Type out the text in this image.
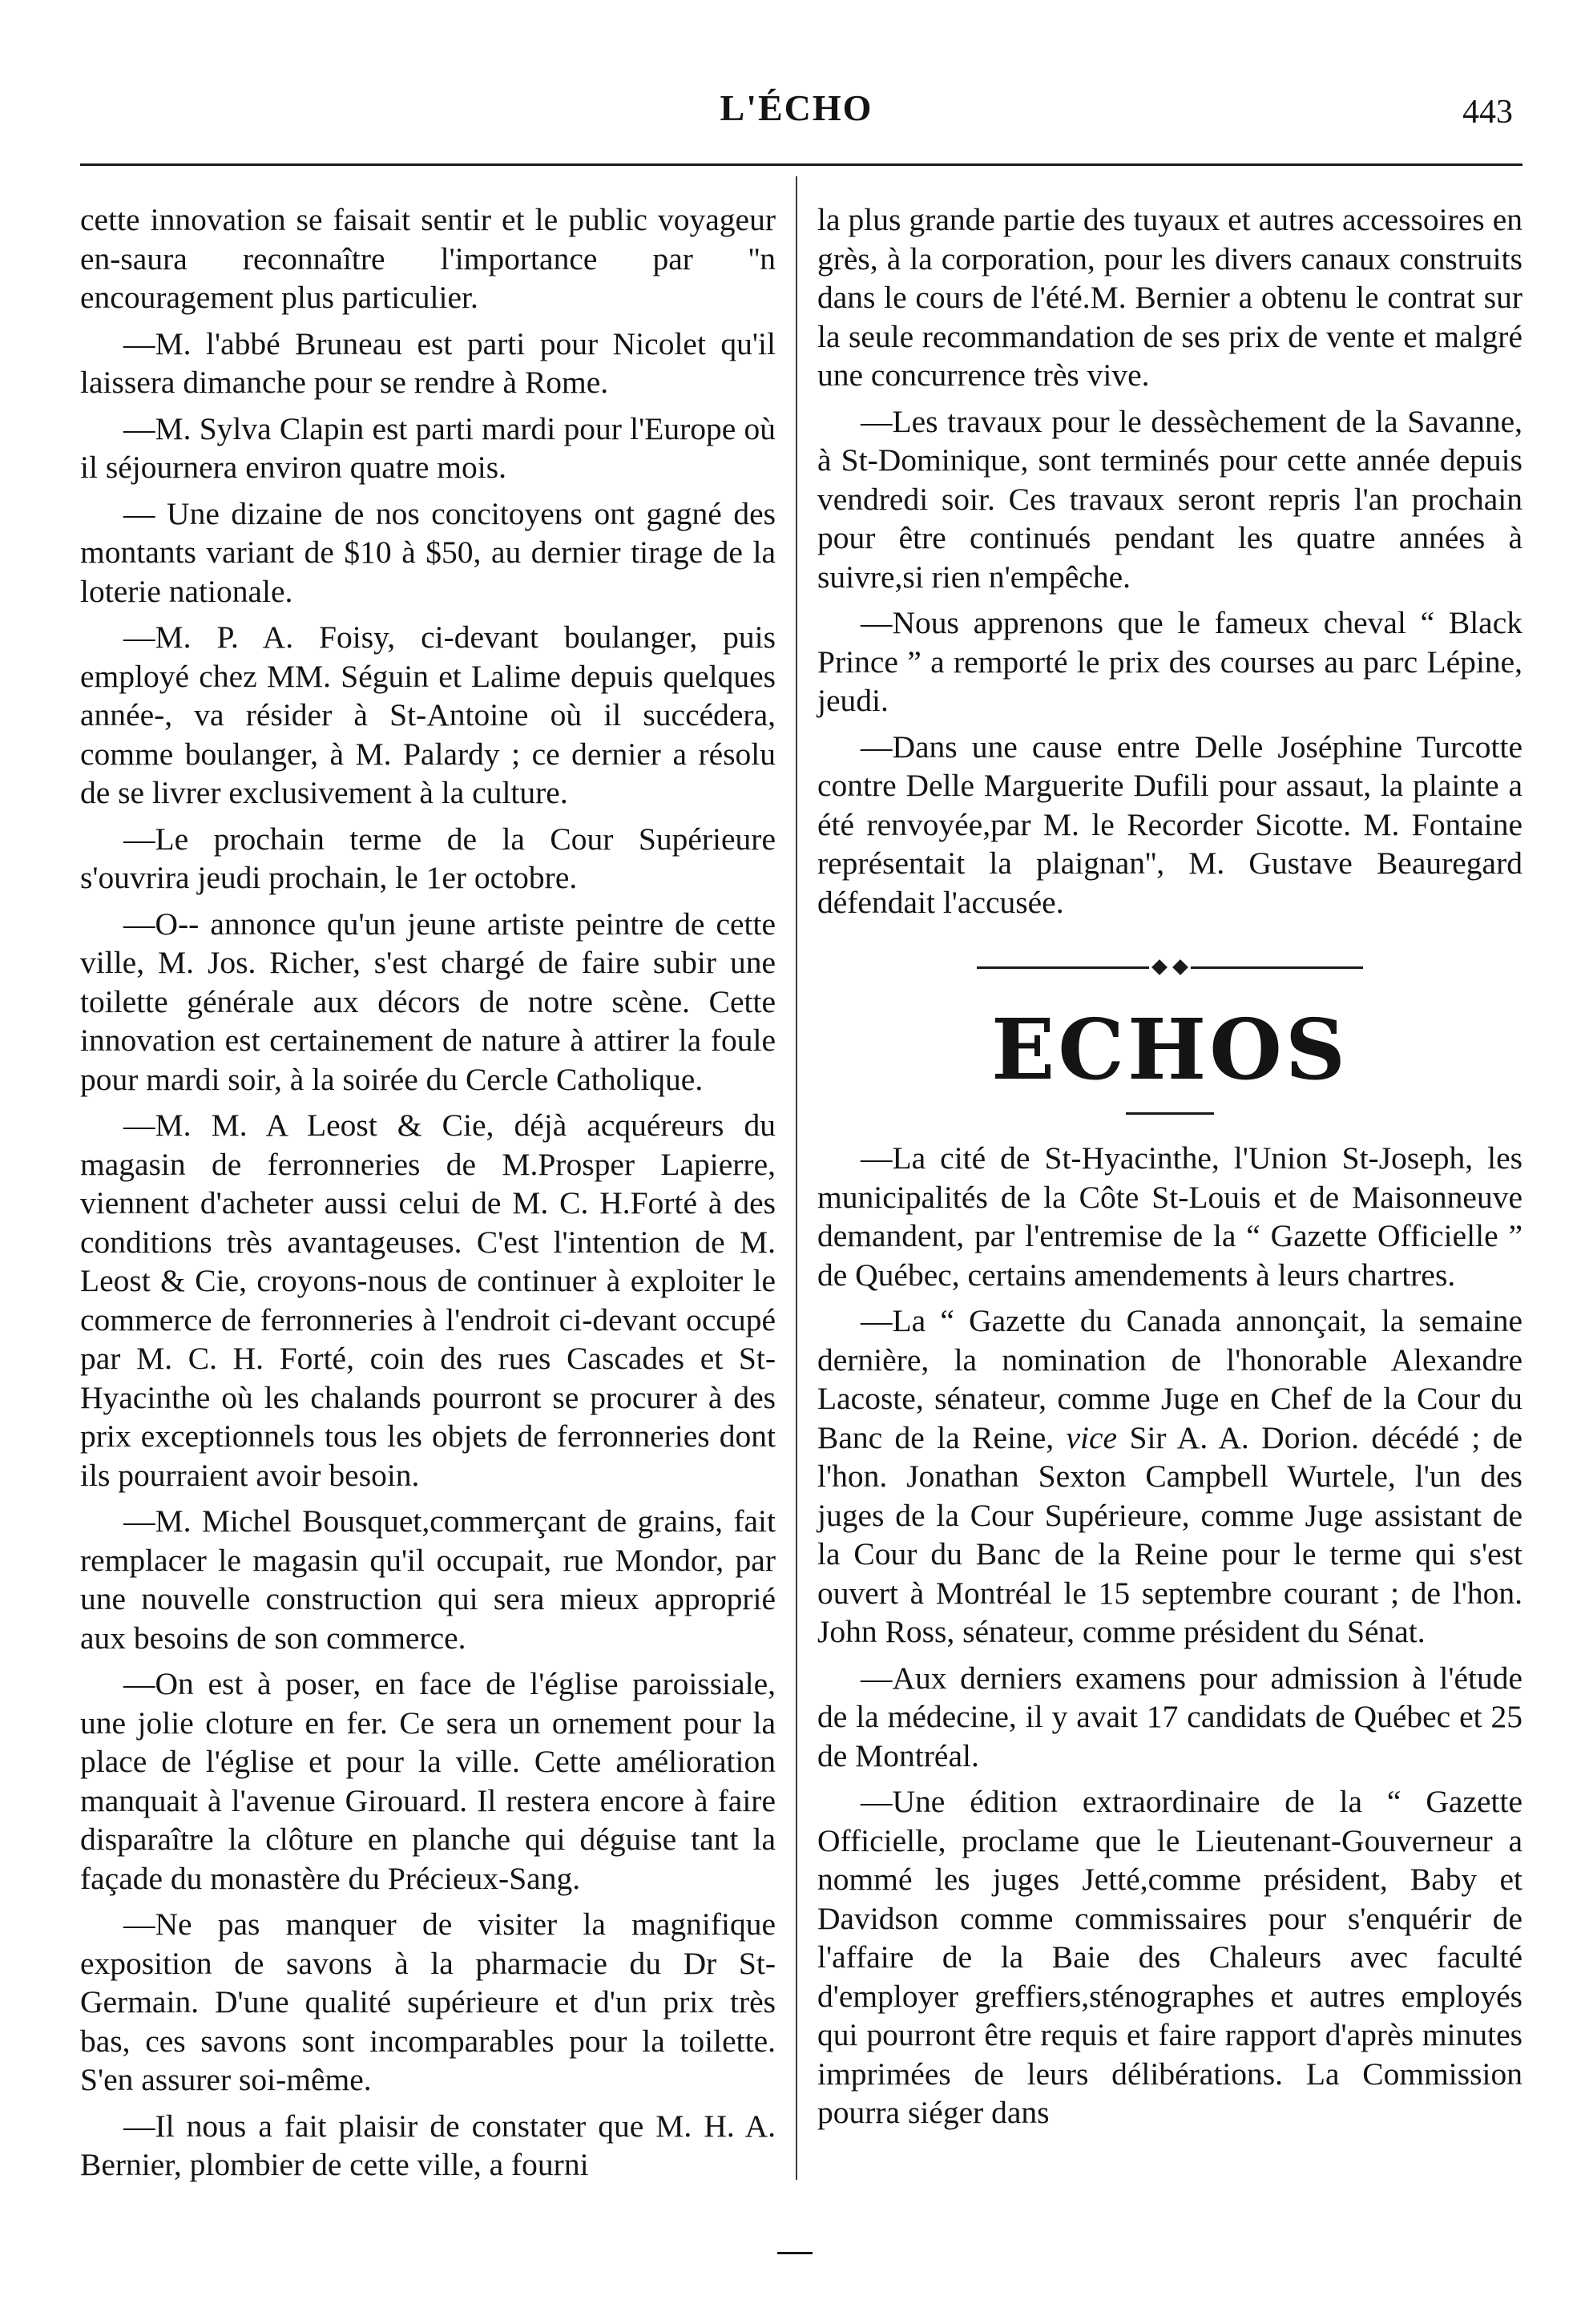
L'ÉCHO	443

cette innovation se faisait sentir et le public voyageur en-saura reconnaître l'importance par ''n encouragement plus particulier.

—M. l'abbé Bruneau est parti pour Nicolet qu'il laissera dimanche pour se rendre à Rome.

—M. Sylva Clapin est parti mardi pour l'Europe où il séjournera environ quatre mois.

— Une dizaine de nos concitoyens ont gagné des montants variant de $10 à $50, au dernier tirage de la loterie nationale.

—M. P. A. Foisy, ci-devant boulanger, puis employé chez MM. Séguin et Lalime depuis quelques année-, va résider à St-Antoine où il succédera, comme boulanger, à M. Palardy ; ce dernier a résolu de se livrer exclusivement à la culture.

—Le prochain terme de la Cour Supérieure s'ouvrira jeudi prochain, le 1er octobre.

—O-- annonce qu'un jeune artiste peintre de cette ville, M. Jos. Richer, s'est chargé de faire subir une toilette générale aux décors de notre scène. Cette innovation est certainement de nature à attirer la foule pour mardi soir, à la soirée du Cercle Catholique.

—M. M. A Leost & Cie, déjà acquéreurs du magasin de ferronneries de M.Prosper Lapierre, viennent d'acheter aussi celui de M. C. H.Forté à des conditions très avantageuses. C'est l'intention de M. Leost & Cie, croyons-nous de continuer à exploiter le commerce de ferronneries à l'endroit ci-devant occupé par M. C. H. Forté, coin des rues Cascades et St-Hyacinthe où les chalands pourront se procurer à des prix exceptionnels tous les objets de ferronneries dont ils pourraient avoir besoin.

—M. Michel Bousquet,commerçant de grains, fait remplacer le magasin qu'il occupait, rue Mondor, par une nouvelle construction qui sera mieux approprié aux besoins de son commerce.

—On est à poser, en face de l'église paroissiale, une jolie cloture en fer. Ce sera un ornement pour la place de l'église et pour la ville. Cette amélioration manquait à l'avenue Girouard. Il restera encore à faire disparaître la clôture en planche qui déguise tant la façade du monastère du Précieux-Sang.

—Ne pas manquer de visiter la magnifique exposition de savons à la pharmacie du Dr St-Germain. D'une qualité supérieure et d'un prix très bas, ces savons sont incomparables pour la toilette. S'en assurer soi-même.

—Il nous a fait plaisir de constater que M. H. A. Bernier, plombier de cette ville, a fourni

la plus grande partie des tuyaux et autres accessoires en grès, à la corporation, pour les divers canaux construits dans le cours de l'été.M. Bernier a obtenu le contrat sur la seule recommandation de ses prix de vente et malgré une concurrence très vive.

—Les travaux pour le dessèchement de la Savanne, à St-Dominique, sont terminés pour cette année depuis vendredi soir. Ces travaux seront repris l'an prochain pour être continués pendant les quatre années à suivre,si rien n'empêche.

—Nous apprenons que le fameux cheval “ Black Prince ” a remporté le prix des courses au parc Lépine, jeudi.

—Dans une cause entre Delle Joséphine Turcotte contre Delle Marguerite Dufili pour assaut, la plainte a été renvoyée,par M. le Recorder Sicotte. M. Fontaine représentait la plaignan'', M. Gustave Beauregard défendait l'accusée.

ECHOS

—La cité de St-Hyacinthe, l'Union St-Joseph, les municipalités de la Côte St-Louis et de Maisonneuve demandent, par l'entremise de la “ Gazette Officielle ” de Québec, certains amendements à leurs chartres.

—La “ Gazette du Canada annonçait, la semaine dernière, la nomination de l'honorable Alexandre Lacoste, sénateur, comme Juge en Chef de la Cour du Banc de la Reine, vice Sir A. A. Dorion. décédé ; de l'hon. Jonathan Sexton Campbell Wurtele, l'un des juges de la Cour Supérieure, comme Juge assistant de la Cour du Banc de la Reine pour le terme qui s'est ouvert à Montréal le 15 septembre courant ; de l'hon. John Ross, sénateur, comme président du Sénat.

—Aux derniers examens pour admission à l'étude de la médecine, il y avait 17 candidats de Québec et 25 de Montréal.

—Une édition extraordinaire de la “ Gazette Officielle, proclame que le Lieutenant-Gouverneur a nommé les juges Jetté,comme président, Baby et Davidson comme commissaires pour s'enquérir de l'affaire de la Baie des Chaleurs avec faculté d'employer greffiers,sténographes et autres employés qui pourront être requis et faire rapport d'après minutes imprimées de leurs délibérations. La Commission pourra siéger dans
